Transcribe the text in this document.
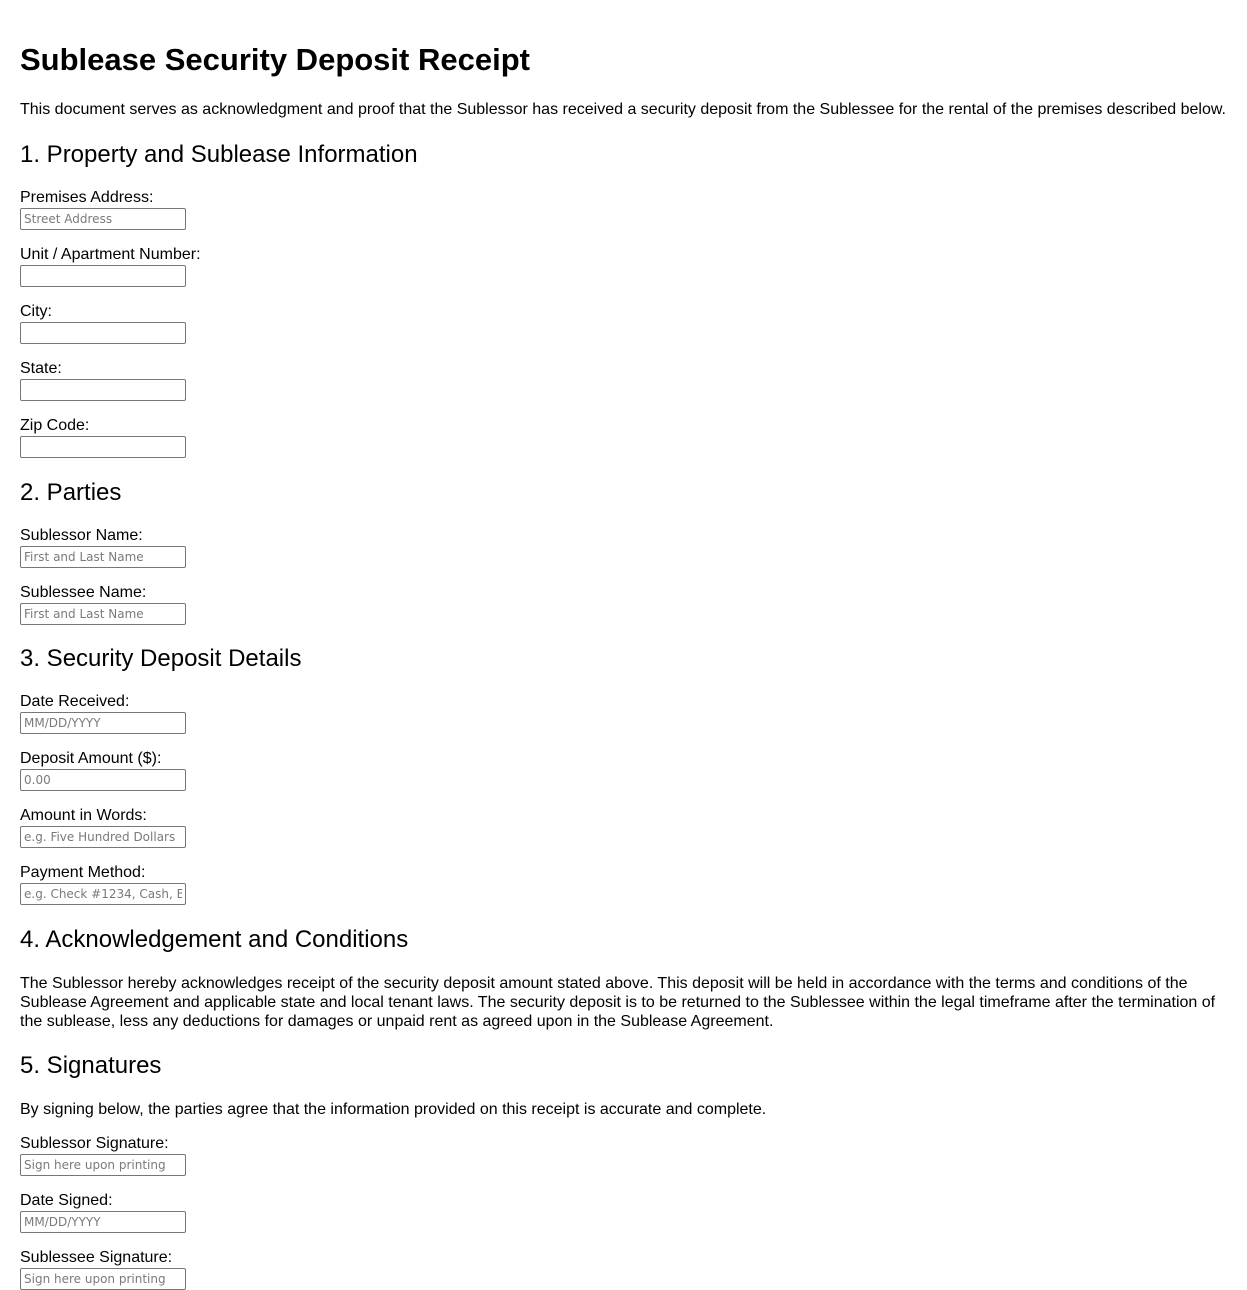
Sublease Security Deposit Receipt

This document serves as acknowledgment and proof that the Sublessor has received a security deposit from the Sublessee for the rental of the premises described below.

1. Property and Sublease Information
Premises Address:
Street Address
Unit / Apartment Number:
City:
State:
Zip Code:
2. Parties
Sublessor Name:
First and Last Name
Sublessee Name:
First and Last Name
3. Security Deposit Details
Date Received:
MM/DD/YYYY
Deposit Amount ($):
0.00
Amount in Words:
e.g. Five Hundred Dollars
Payment Method:
e.g. Check #1234, Cash, Ba
4. Acknowledgement and Conditions

The Sublessor hereby acknowledges receipt of the security deposit amount stated above. This deposit will be held in accordance with the terms and conditions of the Sublease Agreement and applicable state and local tenant laws. The security deposit is to be returned to the Sublessee within the legal timeframe after the termination of the sublease, less any deductions for damages or unpaid rent as agreed upon in the Sublease Agreement.

5. Signatures

By signing below, the parties agree that the information provided on this receipt is accurate and complete.

Sublessor Signature:
Sign here upon printing
Date Signed:
MM/DD/YYYY
Sublessee Signature:
Sign here upon printing
